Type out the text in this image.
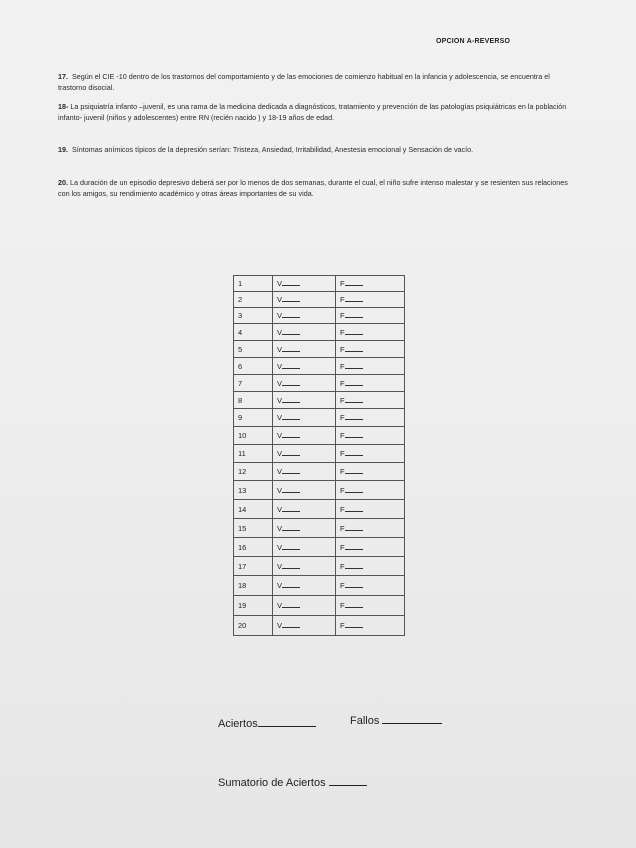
OPCION A-REVERSO
17. Según el CIE -10 dentro de los trastornos del comportamiento y de las emociones de comienzo habitual en la infancia y adolescencia, se encuentra el trastorno disocial.
18- La psiquiatría infanto –juvenil, es una rama de la medicina dedicada a diagnósticos, tratamiento y prevención de las patologías psiquiátricas en la población infanto- juvenil (niños y adolescentes) entre RN (recién nacido ) y 18-19 años de edad.
19. Síntomas anímicos típicos de la depresión serían: Tristeza, Ansiedad, Irritabilidad, Anestesia emocional y Sensación de vacío.
20. La duración de un episodio depresivo deberá ser por lo menos de dos semanas, durante el cual, el niño sufre intenso malestar y se resienten sus relaciones con los amigos, su rendimiento académico y otras áreas importantes de su vida.
1	V	F
2	V	F
3	V	F
4	V	F
5	V	F
6	V	F
7	V	F
8	V	F
9	V	F
10	V	F
11	V	F
12	V	F
13	V	F
14	V	F
15	V	F
16	V	F
17	V	F
18	V	F
19	V	F
20	V	F
Aciertos	Fallos
Sumatorio de Aciertos
